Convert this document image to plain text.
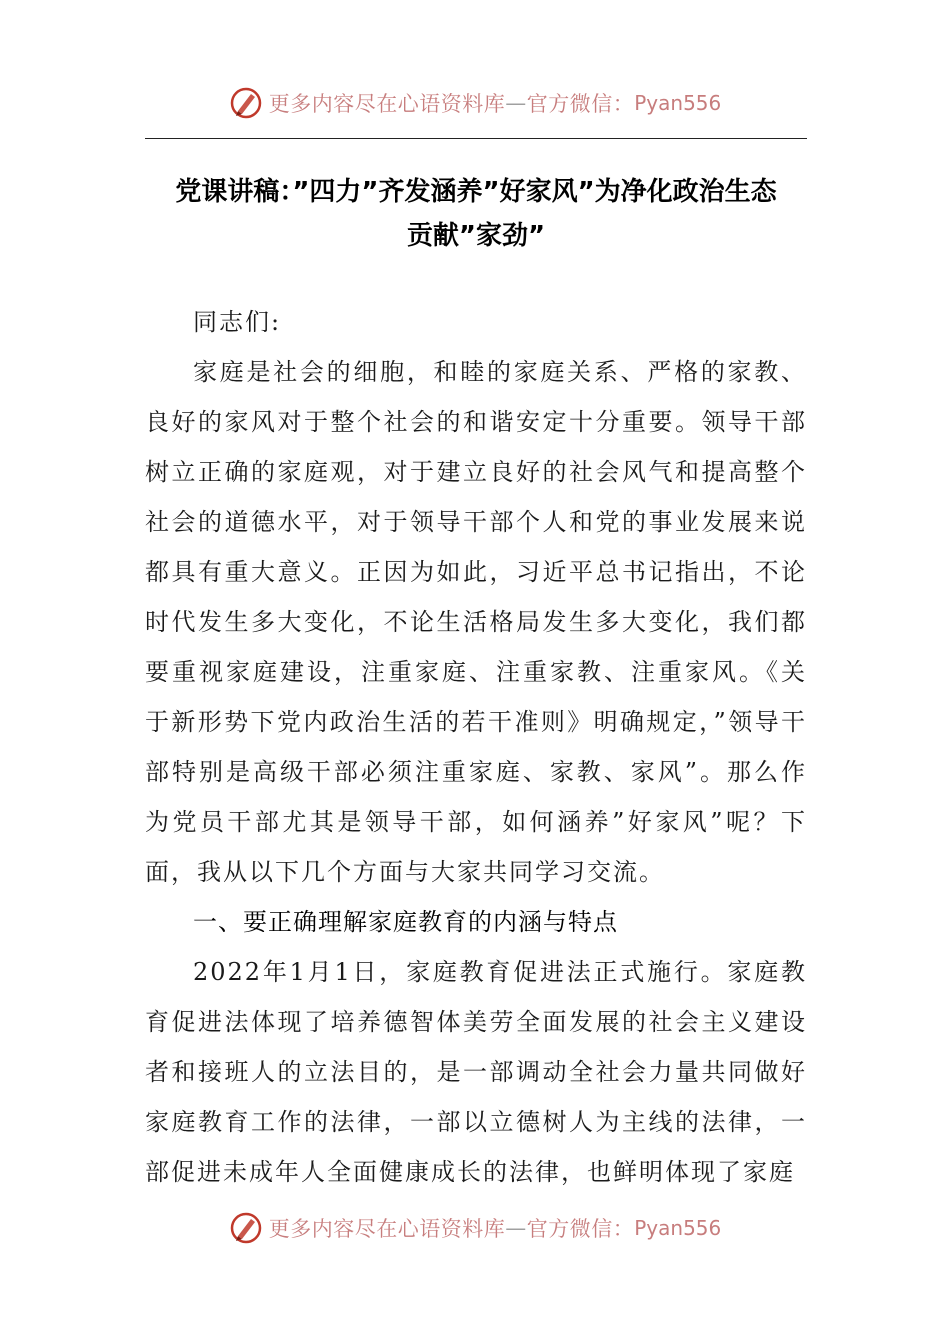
更多内容尽在心语资料库 — 官方微信： Pyan556
党课讲稿：”四力”齐发涵养”好家风”为净化政治生态
贡献”家劲”

同志们:

家庭是社会的细胞，和睦的家庭关系、严格的家教、良好的家风对于整个社会的和谐安定十分重要。领导干部树立正确的家庭观，对于建立良好的社会风气和提高整个社会的道德水平，对于领导干部个人和党的事业发展来说都具有重大意义。正因为如此，习近平总书记指出，不论时代发生多大变化，不论生活格局发生多大变化，我们都要重视家庭建设，注重家庭、注重家教、注重家风。《关于新形势下党内政治生活的若干准则》明确规定，”领导干部特别是高级干部必须注重家庭、家教、家风”。那么作为党员干部尤其是领导干部，如何涵养”好家风”呢？下面，我从以下几个方面与大家共同学习交流。

一、要正确理解家庭教育的内涵与特点

2022年1月1日，家庭教育促进法正式施行。家庭教育促进法体现了培养德智体美劳全面发展的社会主义建设者和接班人的立法目的，是一部调动全社会力量共同做好家庭教育工作的法律，一部以立德树人为主线的法律，一部促进未成年人全面健康成长的法律，也鲜明体现了家庭

更多内容尽在心语资料库 — 官方微信： Pyan556
